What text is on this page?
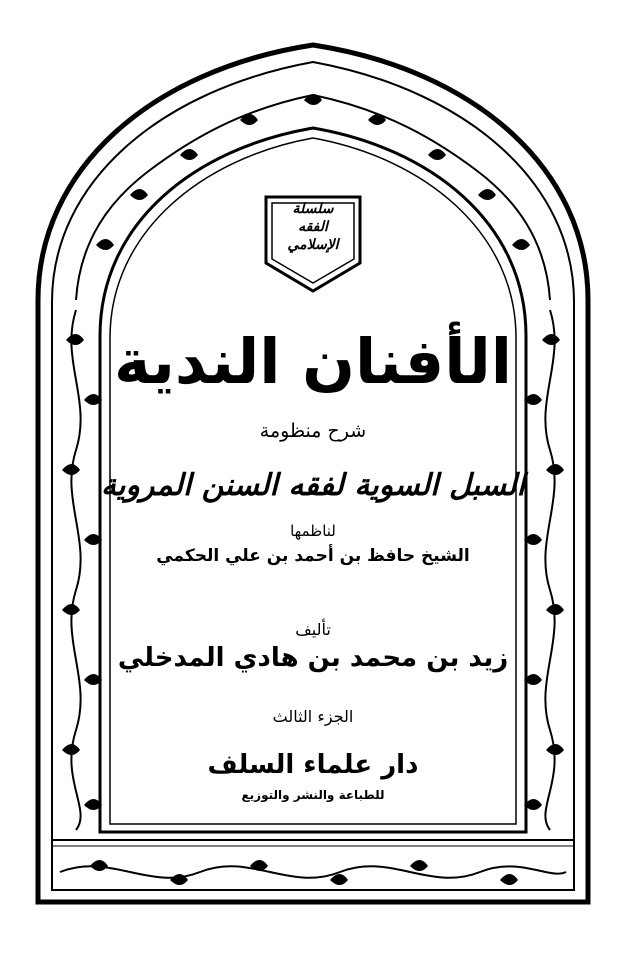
سلسلة
الفقه
الإسلامي
الأفنان الندية
شرح منظومة
السبل السوية لفقه السنن المروية
لناظمها
الشيخ حافظ بن أحمد بن علي الحكمي
تأليف
زيد بن محمد بن هادي المدخلي
الجزء الثالث
دار علماء السلف
للطباعة والنشر والتوزيع
